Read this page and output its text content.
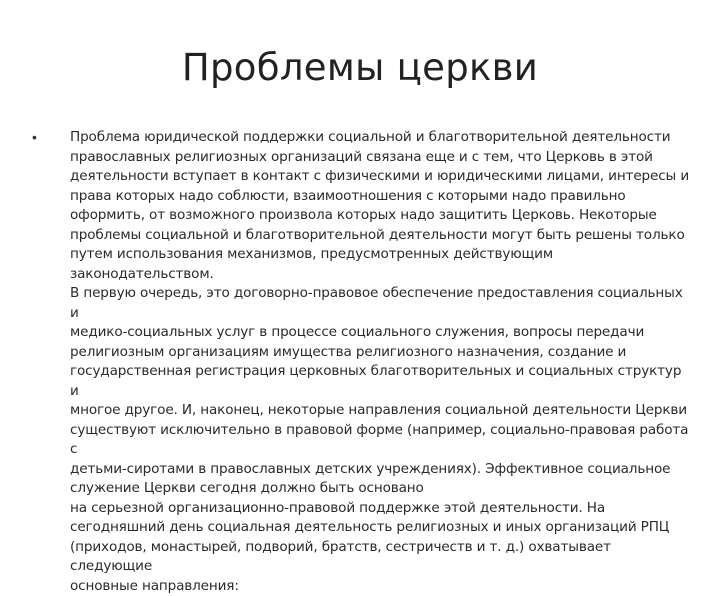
Проблемы церкви
• Проблема юридической поддержки социальной и благотворительной деятельности
православных религиозных организаций связана еще и с тем, что Церковь в этой
деятельности вступает в контакт с физическими и юридическими лицами, интересы и
права которых надо соблюсти, взаимоотношения с которыми надо правильно
оформить, от возможного произвола которых надо защитить Церковь. Некоторые
проблемы социальной и благотворительной деятельности могут быть решены только
путем использования механизмов, предусмотренных действующим законодательством.
В первую очередь, это договорно-правовое обеспечение предоставления социальных и
медико-социальных услуг в процессе социального служения, вопросы передачи
религиозным организациям имущества религиозного назначения, создание и
государственная регистрация церковных благотворительных и социальных структур и
многое другое. И, наконец, некоторые направления социальной деятельности Церкви
существуют исключительно в правовой форме (например, социально-правовая работа с
детьми-сиротами в православных детских учреждениях). Эффективное социальное
служение Церкви сегодня должно быть основано
на серьезной организационно-правовой поддержке этой деятельности. На
сегодняшний день социальная деятельность религиозных и иных организаций РПЦ
(приходов, монастырей, подворий, братств, сестричеств и т. д.) охватывает следующие
основные направления:
